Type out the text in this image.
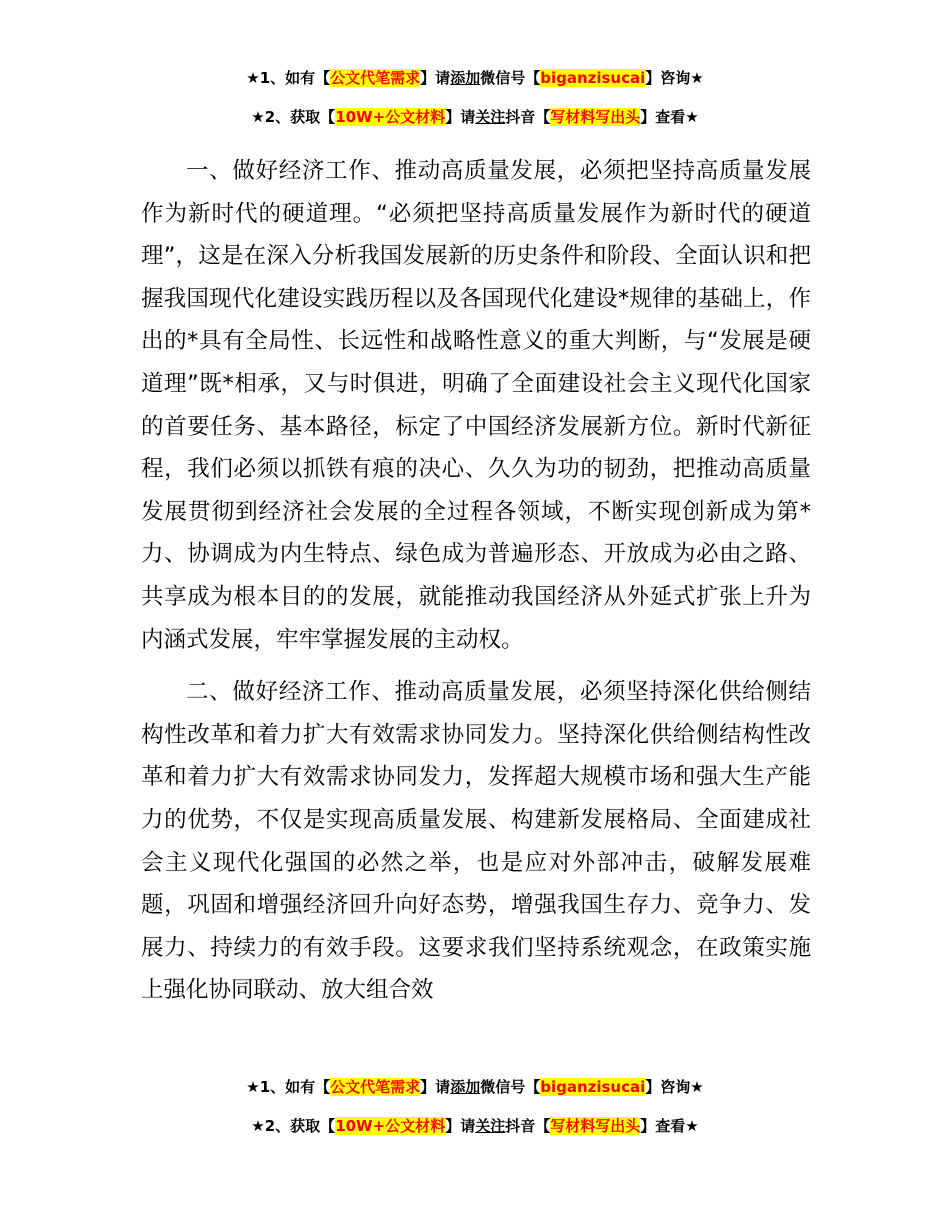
★1、如有【公文代笔需求】请添加微信号【biganzisucai】咨询★
★2、获取【10W+公文材料】请关注抖音【写材料写出头】查看★

一、做好经济工作、推动高质量发展，必须把坚持高质量发展作为新时代的硬道理。“必须把坚持高质量发展作为新时代的硬道理”，这是在深入分析我国发展新的历史条件和阶段、全面认识和把握我国现代化建设实践历程以及各国现代化建设*规律的基础上，作出的*具有全局性、长远性和战略性意义的重大判断，与“发展是硬道理”既*相承，又与时俱进，明确了全面建设社会主义现代化国家的首要任务、基本路径，标定了中国经济发展新方位。新时代新征程，我们必须以抓铁有痕的决心、久久为功的韧劲，把推动高质量发展贯彻到经济社会发展的全过程各领域，不断实现创新成为第*力、协调成为内生特点、绿色成为普遍形态、开放成为必由之路、共享成为根本目的的发展，就能推动我国经济从外延式扩张上升为内涵式发展，牢牢掌握发展的主动权。

二、做好经济工作、推动高质量发展，必须坚持深化供给侧结构性改革和着力扩大有效需求协同发力。坚持深化供给侧结构性改革和着力扩大有效需求协同发力，发挥超大规模市场和强大生产能力的优势，不仅是实现高质量发展、构建新发展格局、全面建成社会主义现代化强国的必然之举，也是应对外部冲击，破解发展难题，巩固和增强经济回升向好态势，增强我国生存力、竞争力、发展力、持续力的有效手段。这要求我们坚持系统观念，在政策实施上强化协同联动、放大组合效

★1、如有【公文代笔需求】请添加微信号【biganzisucai】咨询★
★2、获取【10W+公文材料】请关注抖音【写材料写出头】查看★
